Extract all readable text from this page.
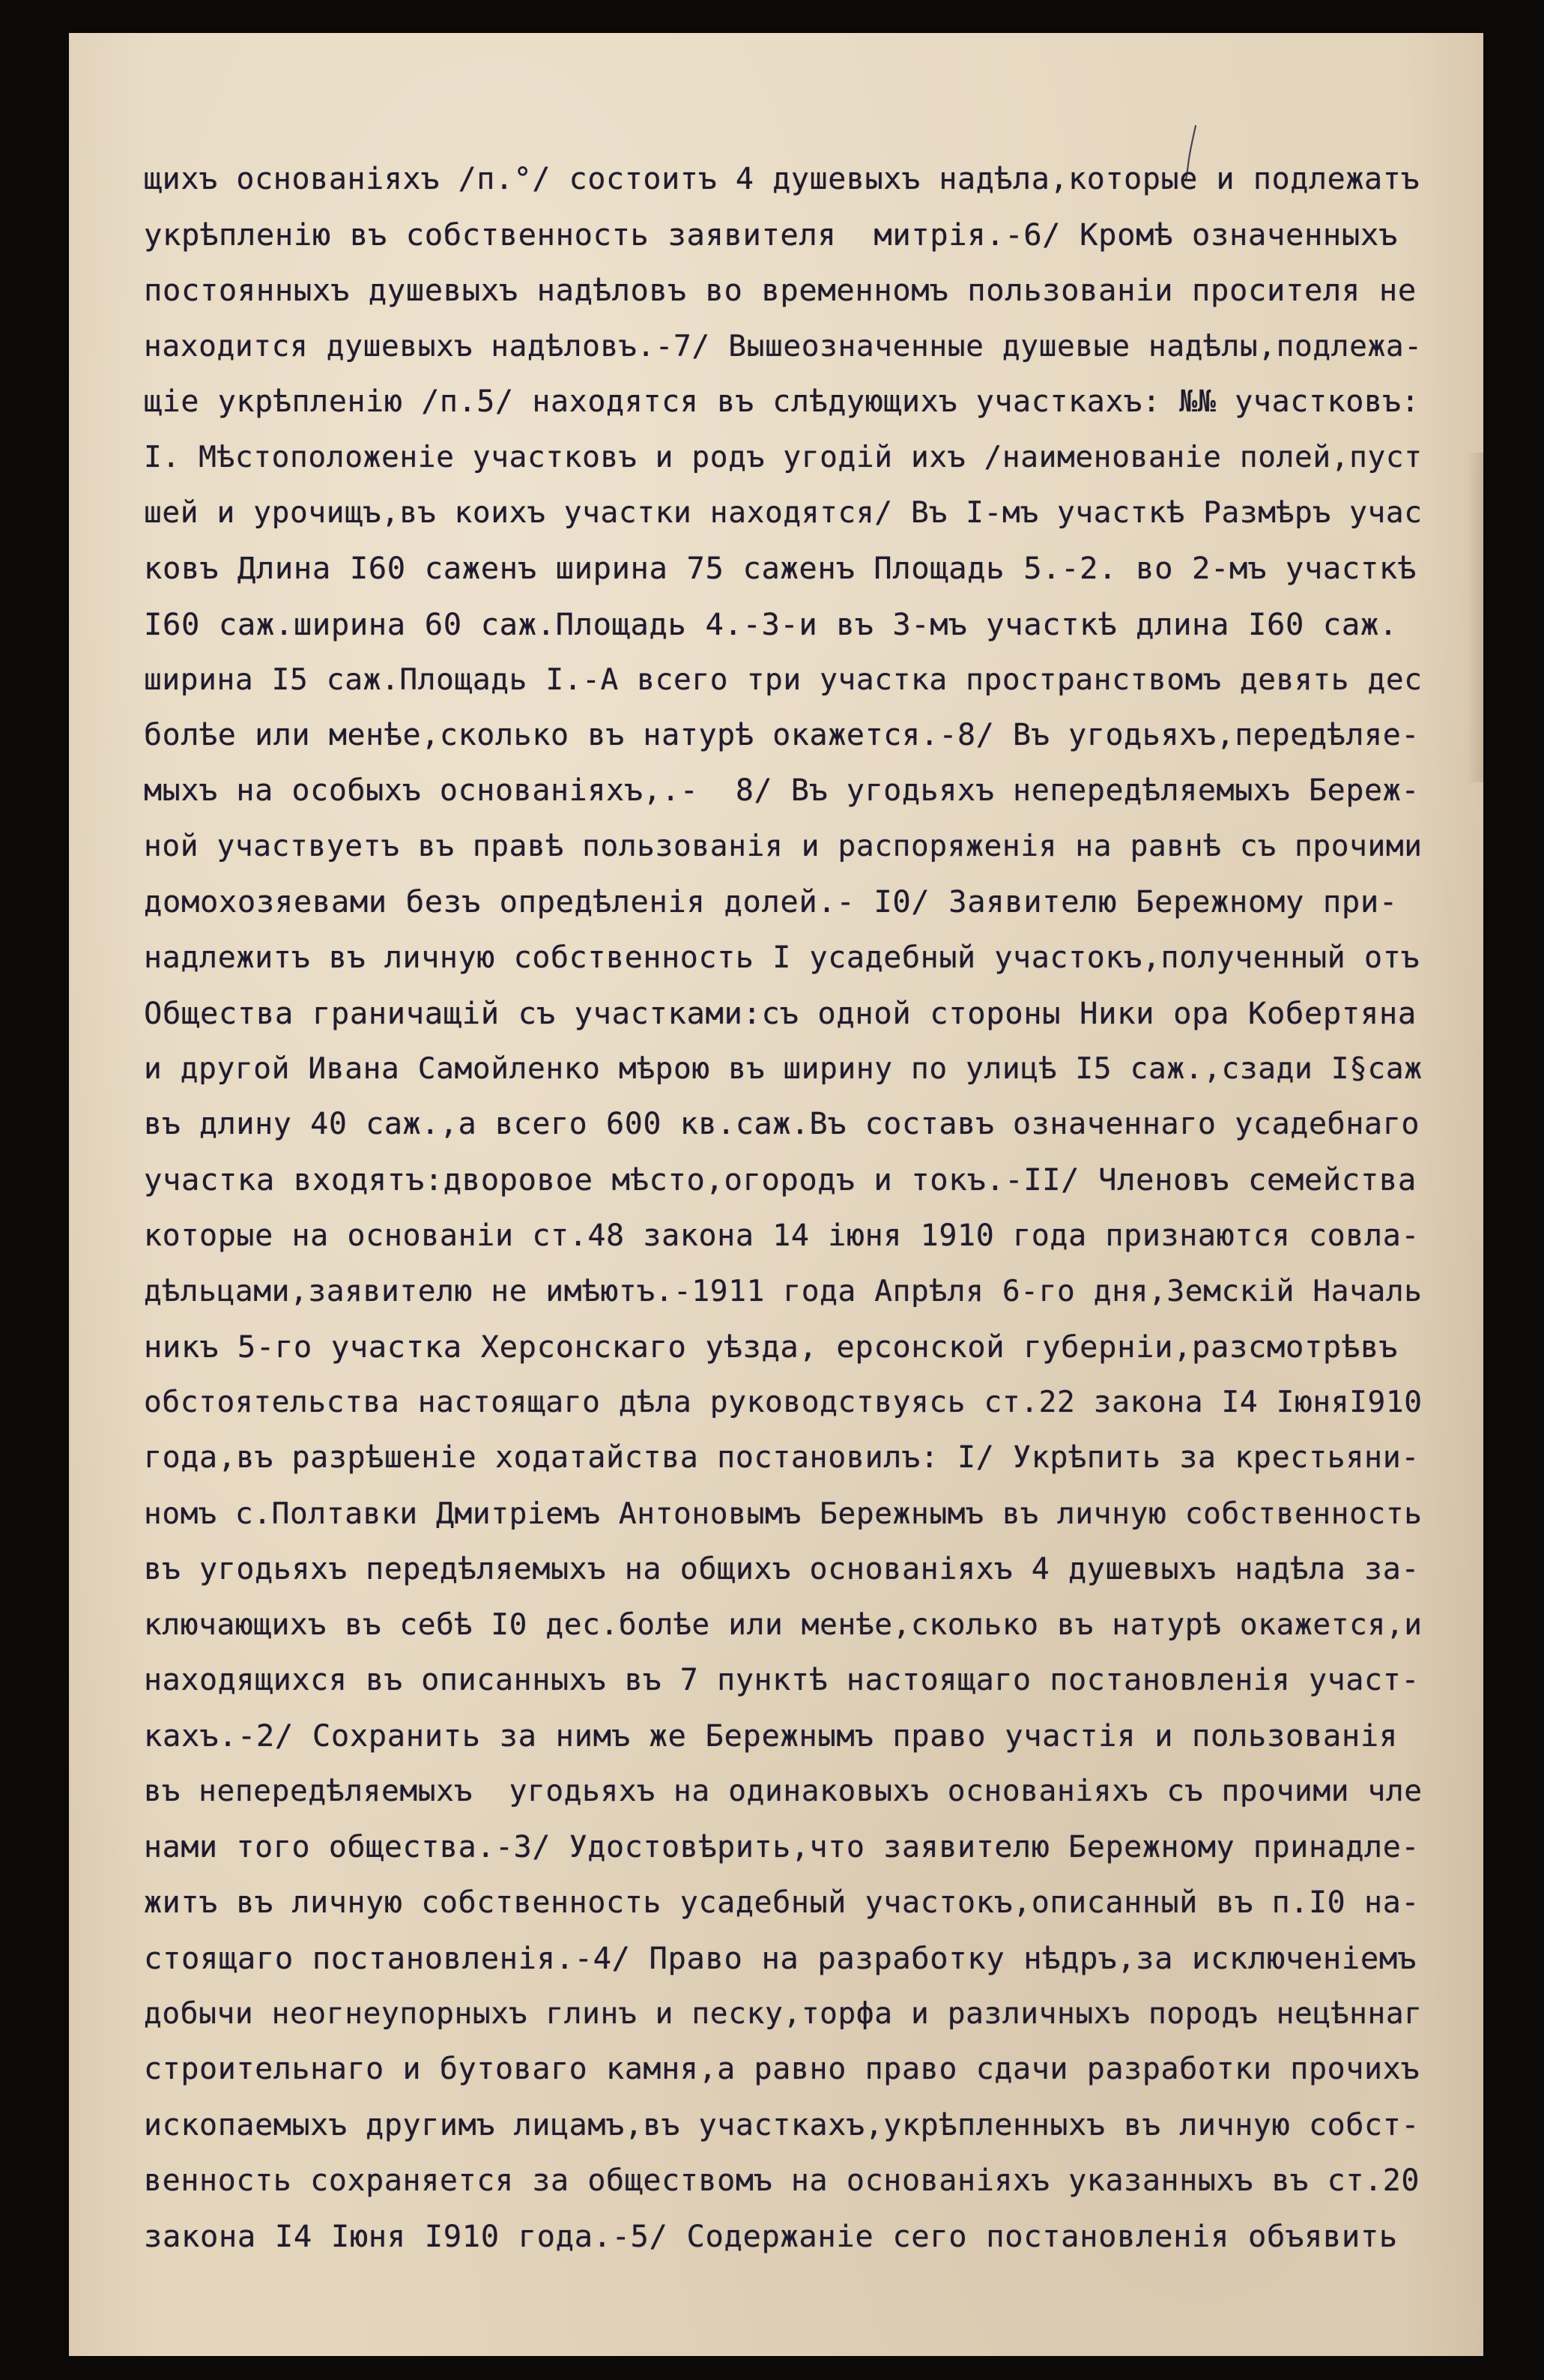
щихъ основаніяхъ /п.°/ состоитъ 4 душевыхъ надѣла,которые и подлежатъ
укрѣпленію въ собственность заявителя  митрія.-6/ Кромѣ означенныхъ
постоянныхъ душевыхъ надѣловъ во временномъ пользованіи просителя не
находится душевыхъ надѣловъ.-7/ Вышеозначенные душевые надѣлы,подлежа-
щіе укрѣпленію /п.5/ находятся въ слѣдующихъ участкахъ: №№ участковъ:
I. Мѣстоположеніе участковъ и родъ угодій ихъ /наименованіе полей,пуст
шей и урочищъ,въ коихъ участки находятся/ Въ I-мъ участкѣ Размѣръ учас
ковъ Длина I60 саженъ ширина 75 саженъ Площадь 5.-2. во 2-мъ участкѣ
I60 саж.ширина 60 саж.Площадь 4.-3-и въ 3-мъ участкѣ длина I60 саж.
ширина I5 саж.Площадь I.-А всего три участка пространствомъ девять дес
болѣе или менѣе,сколько въ натурѣ окажется.-8/ Въ угодьяхъ,передѣляе-
мыхъ на особыхъ основаніяхъ,.-  8/ Въ угодьяхъ непередѣляемыхъ Береж-
ной участвуетъ въ правѣ пользованія и распоряженія на равнѣ съ прочими
домохозяевами безъ опредѣленія долей.- I0/ Заявителю Бережному при-
надлежитъ въ личную собственность I усадебный участокъ,полученный отъ
Общества граничащій съ участками:съ одной стороны Ники ора Кобертяна
и другой Ивана Самойленко мѣрою въ ширину по улицѣ I5 саж.,сзади I§саж
въ длину 40 саж.,а всего 600 кв.саж.Въ составъ означеннаго усадебнаго
участка входятъ:дворовое мѣсто,огородъ и токъ.-II/ Членовъ семейства
которые на основаніи ст.48 закона 14 іюня 1910 года признаются совла-
дѣльцами,заявителю не имѣютъ.-1911 года Апрѣля 6-го дня,Земскій Началь
никъ 5-го участка Херсонскаго уѣзда, ерсонской губерніи,разсмотрѣвъ
обстоятельства настоящаго дѣла руководствуясь ст.22 закона I4 ІюняI910
года,въ разрѣшеніе ходатайства постановилъ: I/ Укрѣпить за крестьяни-
номъ с.Полтавки Дмитріемъ Антоновымъ Бережнымъ въ личную собственность
въ угодьяхъ передѣляемыхъ на общихъ основаніяхъ 4 душевыхъ надѣла за-
ключающихъ въ себѣ I0 дес.болѣе или менѣе,сколько въ натурѣ окажется,и
находящихся въ описанныхъ въ 7 пунктѣ настоящаго постановленія участ-
кахъ.-2/ Сохранить за нимъ же Бережнымъ право участія и пользованія
въ непередѣляемыхъ  угодьяхъ на одинаковыхъ основаніяхъ съ прочими чле
нами того общества.-3/ Удостовѣрить,что заявителю Бережному принадле-
житъ въ личную собственность усадебный участокъ,описанный въ п.I0 на-
стоящаго постановленія.-4/ Право на разработку нѣдръ,за исключеніемъ
добычи неогнеупорныхъ глинъ и песку,торфа и различныхъ породъ нецѣннаг
строительнаго и бутоваго камня,а равно право сдачи разработки прочихъ
ископаемыхъ другимъ лицамъ,въ участкахъ,укрѣпленныхъ въ личную собст-
венность сохраняется за обществомъ на основаніяхъ указанныхъ въ ст.20
закона I4 Іюня I910 года.-5/ Содержаніе сего постановленія объявить
